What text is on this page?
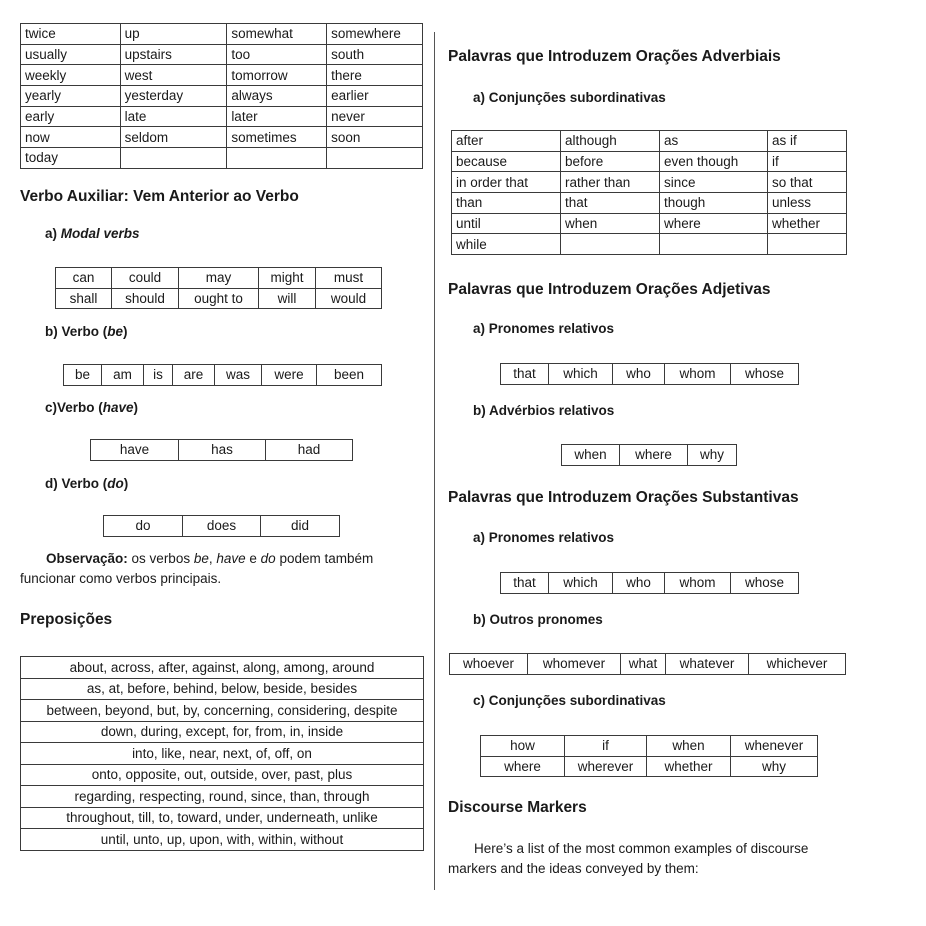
twice	up	somewhat	somewhere
usually	upstairs	too	south
weekly	west	tomorrow	there
yearly	yesterday	always	earlier
early	late	later	never
now	seldom	sometimes	soon
today			
Verbo Auxiliar: Vem Anterior ao Verbo
a) Modal verbs
can	could	may	might	must
shall	should	ought to	will	would
b) Verbo (be)
be	am	is	are	was	were	been
c)Verbo (have)
have	has	had
d) Verbo (do)
do	does	did
Observação: os verbos be, have e do podem também funcionar como verbos principais.
Preposições
about, across, after, against, along, among, around
as, at, before, behind, below, beside, besides
between, beyond, but, by, concerning, considering, despite
down, during, except, for, from, in, inside
into, like, near, next, of, off, on
onto, opposite, out, outside, over, past, plus
regarding, respecting, round, since, than, through
throughout, till, to, toward, under, underneath, unlike
until, unto, up, upon, with, within, without
Palavras que Introduzem Orações Adverbiais
a) Conjunções subordinativas
after	although	as	as if
because	before	even though	if
in order that	rather than	since	so that
than	that	though	unless
until	when	where	whether
while			
Palavras que Introduzem Orações Adjetivas
a) Pronomes relativos
that	which	who	whom	whose
b) Advérbios relativos
when	where	why
Palavras que Introduzem Orações Substantivas
a) Pronomes relativos
that	which	who	whom	whose
b) Outros pronomes
whoever	whomever	what	whatever	whichever
c) Conjunções subordinativas
how	if	when	whenever
where	wherever	whether	why
Discourse Markers
Here’s a list of the most common examples of discourse markers and the ideas conveyed by them:
